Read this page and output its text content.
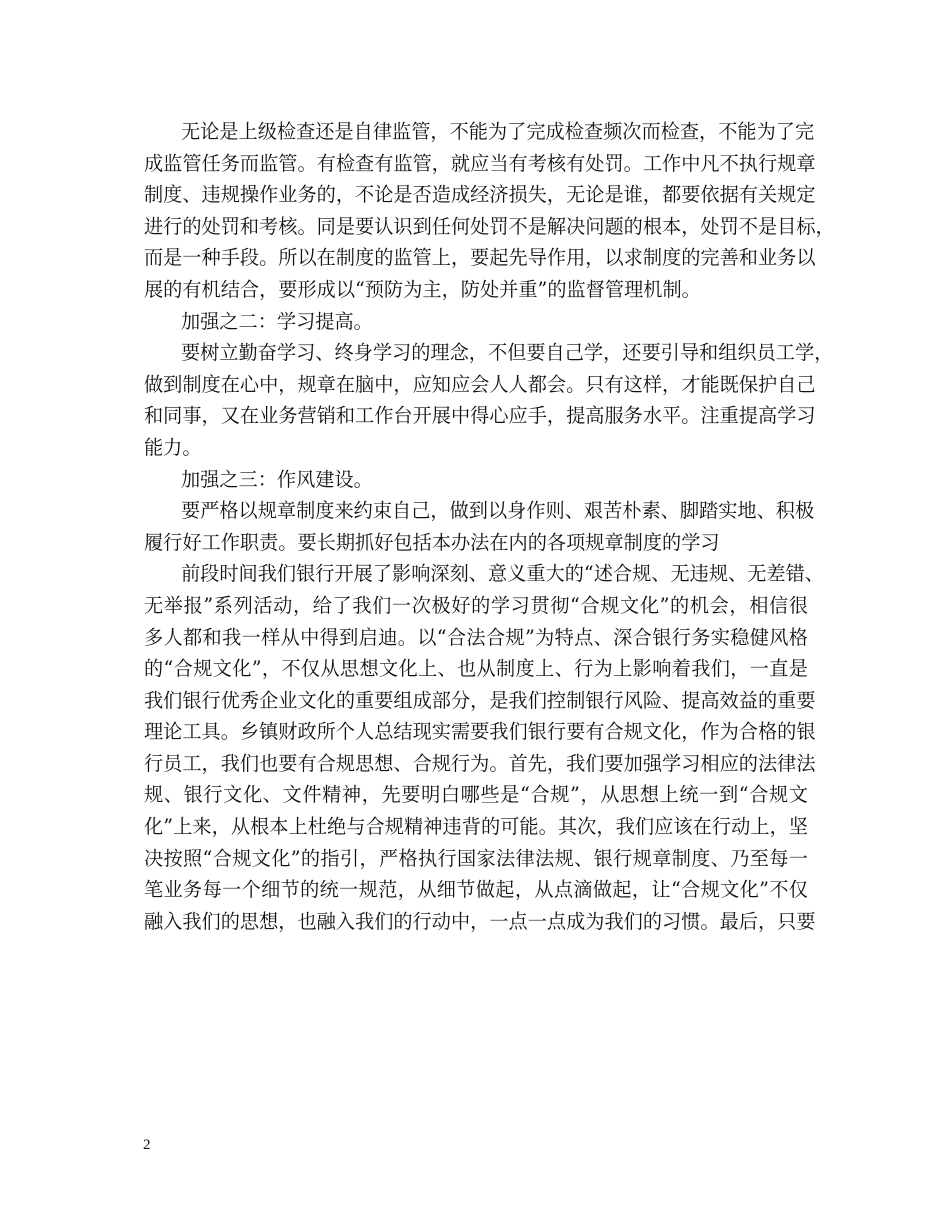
无论是上级检查还是自律监管，不能为了完成检查频次而检查，不能为了完
成监管任务而监管。有检查有监管，就应当有考核有处罚。工作中凡不执行规章
制度、违规操作业务的，不论是否造成经济损失，无论是谁，都要依据有关规定
进行的处罚和考核。同是要认识到任何处罚不是解决问题的根本，处罚不是目标，
而是一种手段。所以在制度的监管上，要起先导作用，以求制度的完善和业务以
展的有机结合，要形成以“预防为主，防处并重”的监督管理机制。
加强之二：学习提高。
要树立勤奋学习、终身学习的理念，不但要自己学，还要引导和组织员工学，
做到制度在心中，规章在脑中，应知应会人人都会。只有这样，才能既保护自己
和同事，又在业务营销和工作台开展中得心应手，提高服务水平。注重提高学习
能力。
加强之三：作风建设。
要严格以规章制度来约束自己，做到以身作则、艰苦朴素、脚踏实地、积极
履行好工作职责。要长期抓好包括本办法在内的各项规章制度的学习
前段时间我们银行开展了影响深刻、意义重大的“述合规、无违规、无差错、
无举报”系列活动，给了我们一次极好的学习贯彻“合规文化”的机会，相信很
多人都和我一样从中得到启迪。以“合法合规”为特点、深合银行务实稳健风格
的“合规文化”，不仅从思想文化上、也从制度上、行为上影响着我们，一直是
我们银行优秀企业文化的重要组成部分，是我们控制银行风险、提高效益的重要
理论工具。乡镇财政所个人总结现实需要我们银行要有合规文化，作为合格的银
行员工，我们也要有合规思想、合规行为。首先，我们要加强学习相应的法律法
规、银行文化、文件精神，先要明白哪些是“合规”，从思想上统一到“合规文
化”上来，从根本上杜绝与合规精神违背的可能。其次，我们应该在行动上，坚
决按照“合规文化”的指引，严格执行国家法律法规、银行规章制度、乃至每一
笔业务每一个细节的统一规范，从细节做起，从点滴做起，让“合规文化”不仅
融入我们的思想，也融入我们的行动中，一点一点成为我们的习惯。最后，只要
2
